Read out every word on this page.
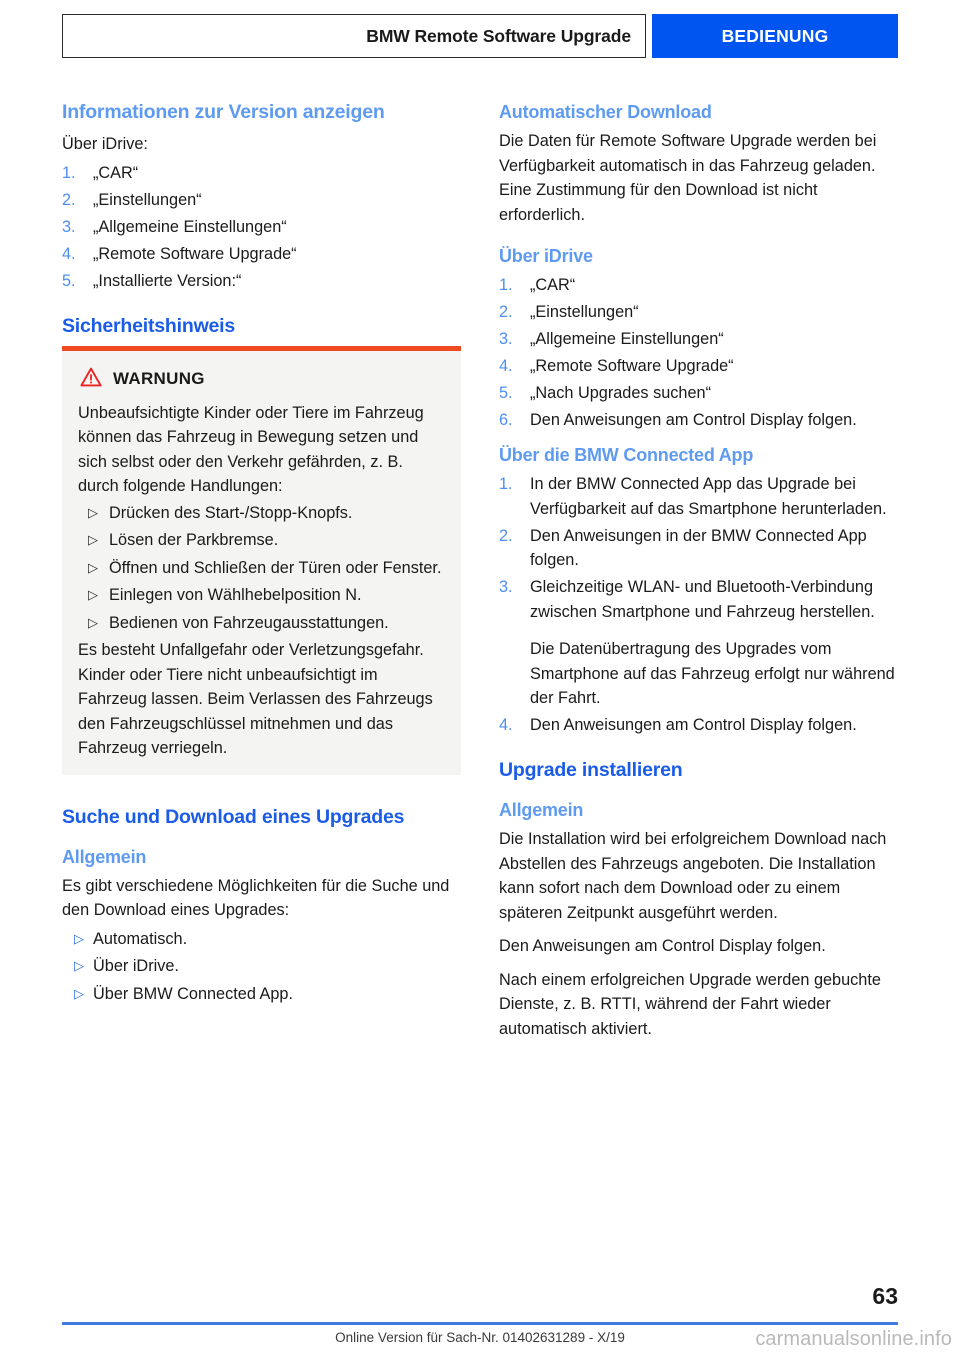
BMW Remote Software Upgrade	BEDIENUNG
Informationen zur Version anzeigen

Über iDrive:

1.	„CAR“
2.	„Einstellungen“
3.	„Allgemeine Einstellungen“
4.	„Remote Software Upgrade“
5.	„Installierte Version:“
Sicherheitshinweis
WARNUNG

Unbeaufsichtigte Kinder oder Tiere im Fahrzeug können das Fahrzeug in Bewegung setzen und sich selbst oder den Verkehr gefährden, z. B. durch folgende Handlungen:

▷ Drücken des Start-/Stopp-Knopfs.
▷ Lösen der Parkbremse.
▷ Öffnen und Schließen der Türen oder Fenster.
▷ Einlegen von Wählhebelposition N.
▷ Bedienen von Fahrzeugausstattungen.

Es besteht Unfallgefahr oder Verletzungsgefahr. Kinder oder Tiere nicht unbeaufsichtigt im Fahrzeug lassen. Beim Verlassen des Fahrzeugs den Fahrzeugschlüssel mitnehmen und das Fahrzeug verriegeln.

Suche und Download eines Upgrades
Allgemein

Es gibt verschiedene Möglichkeiten für die Suche und den Download eines Upgrades:

▷ Automatisch.
▷ Über iDrive.
▷ Über BMW Connected App.
Automatischer Download

Die Daten für Remote Software Upgrade werden bei Verfügbarkeit automatisch in das Fahrzeug geladen. Eine Zustimmung für den Download ist nicht erforderlich.

Über iDrive
1.	„CAR“
2.	„Einstellungen“
3.	„Allgemeine Einstellungen“
4.	„Remote Software Upgrade“
5.	„Nach Upgrades suchen“
6.	Den Anweisungen am Control Display folgen.
Über die BMW Connected App
1.	In der BMW Connected App das Upgrade bei Verfügbarkeit auf das Smartphone herunterladen.
2.	Den Anweisungen in der BMW Connected App folgen.
3.	Gleichzeitige WLAN- und Bluetooth-Verbindung zwischen Smartphone und Fahrzeug herstellen.
Die Datenübertragung des Upgrades vom Smartphone auf das Fahrzeug erfolgt nur während der Fahrt.
4.	Den Anweisungen am Control Display folgen.
Upgrade installieren
Allgemein

Die Installation wird bei erfolgreichem Download nach Abstellen des Fahrzeugs angeboten. Die Installation kann sofort nach dem Download oder zu einem späteren Zeitpunkt ausgeführt werden.

Den Anweisungen am Control Display folgen.

Nach einem erfolgreichen Upgrade werden gebuchte Dienste, z. B. RTTI, während der Fahrt wieder automatisch aktiviert.

63
Online Version für Sach-Nr. 01402631289 - X/19	carmanualsonline.info
